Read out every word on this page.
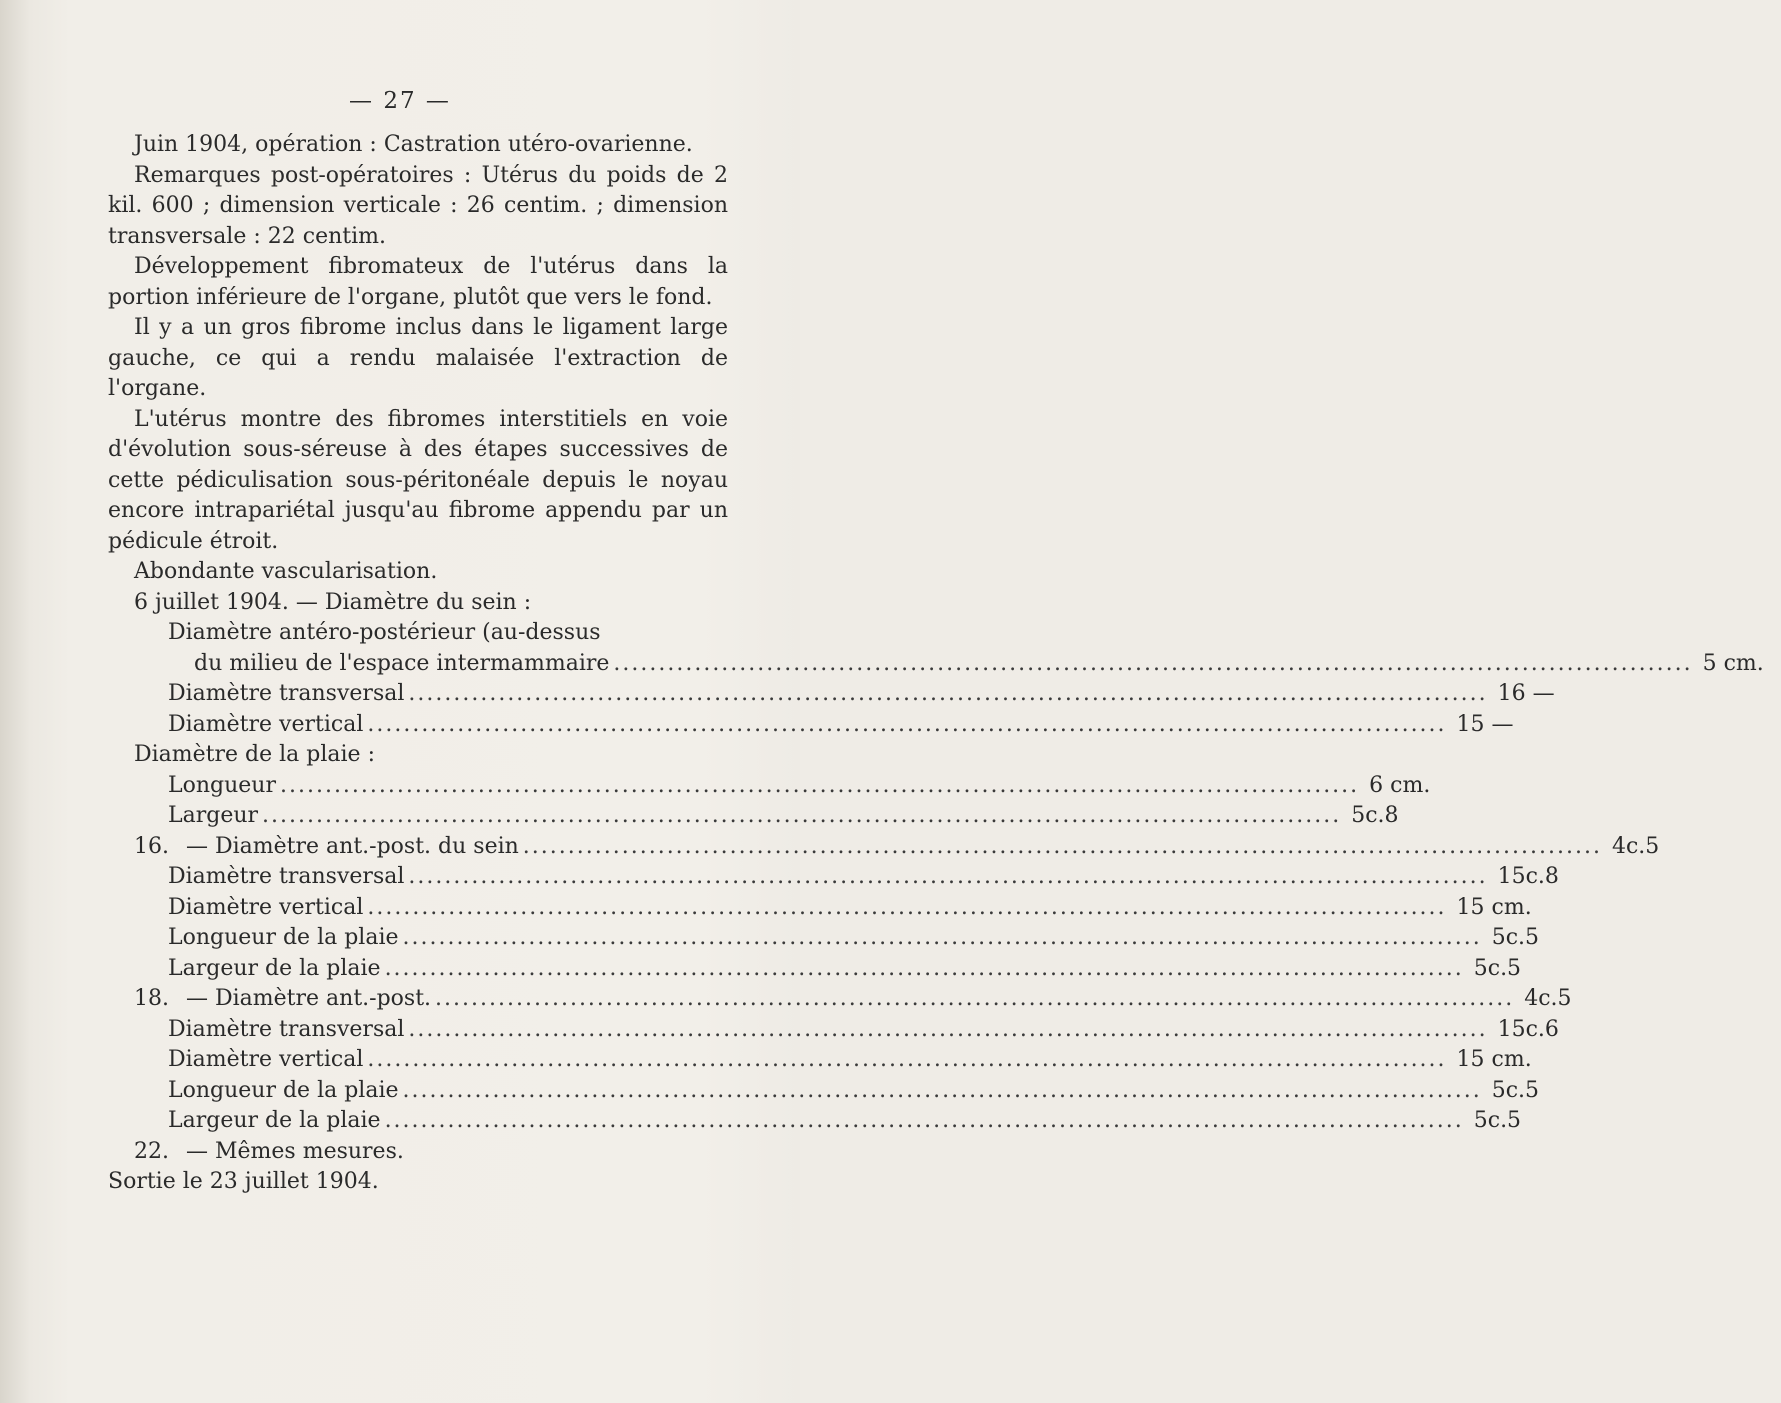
— 27 —

Juin 1904, opération : Castration utéro-ovarienne.

Remarques post-opératoires : Utérus du poids de 2 kil. 600 ; dimension verticale : 26 centim. ; dimension transversale : 22 centim.

Développement fibromateux de l'utérus dans la portion inférieure de l'organe, plutôt que vers le fond.

Il y a un gros fibrome inclus dans le ligament large gauche, ce qui a rendu malaisée l'extraction de l'organe.

L'utérus montre des fibromes interstitiels en voie d'évolution sous-séreuse à des étapes successives de cette pédiculisation sous-péritonéale depuis le noyau encore intrapariétal jusqu'au fibrome appendu par un pédicule étroit.

Abondante vascularisation.

6 juillet 1904. — Diamètre du sein :

Diamètre antéro-postérieur (au-dessus

du milieu de l'espace intermammaire ........................................................................................................................ 5 cm.
Diamètre transversal ........................................................................................................................ 16 —
Diamètre vertical ........................................................................................................................ 15 —

Diamètre de la plaie :

Longueur ........................................................................................................................ 6 cm.
Largeur ........................................................................................................................ 5c.8
16. — Diamètre ant.-post. du sein ........................................................................................................................ 4c.5
Diamètre transversal ........................................................................................................................ 15c.8
Diamètre vertical ........................................................................................................................ 15 cm.
Longueur de la plaie ........................................................................................................................ 5c.5
Largeur de la plaie ........................................................................................................................ 5c.5
18. — Diamètre ant.-post. ........................................................................................................................ 4c.5
Diamètre transversal ........................................................................................................................ 15c.6
Diamètre vertical ........................................................................................................................ 15 cm.
Longueur de la plaie ........................................................................................................................ 5c.5
Largeur de la plaie ........................................................................................................................ 5c.5

22. — Mêmes mesures.

Sortie le 23 juillet 1904.
